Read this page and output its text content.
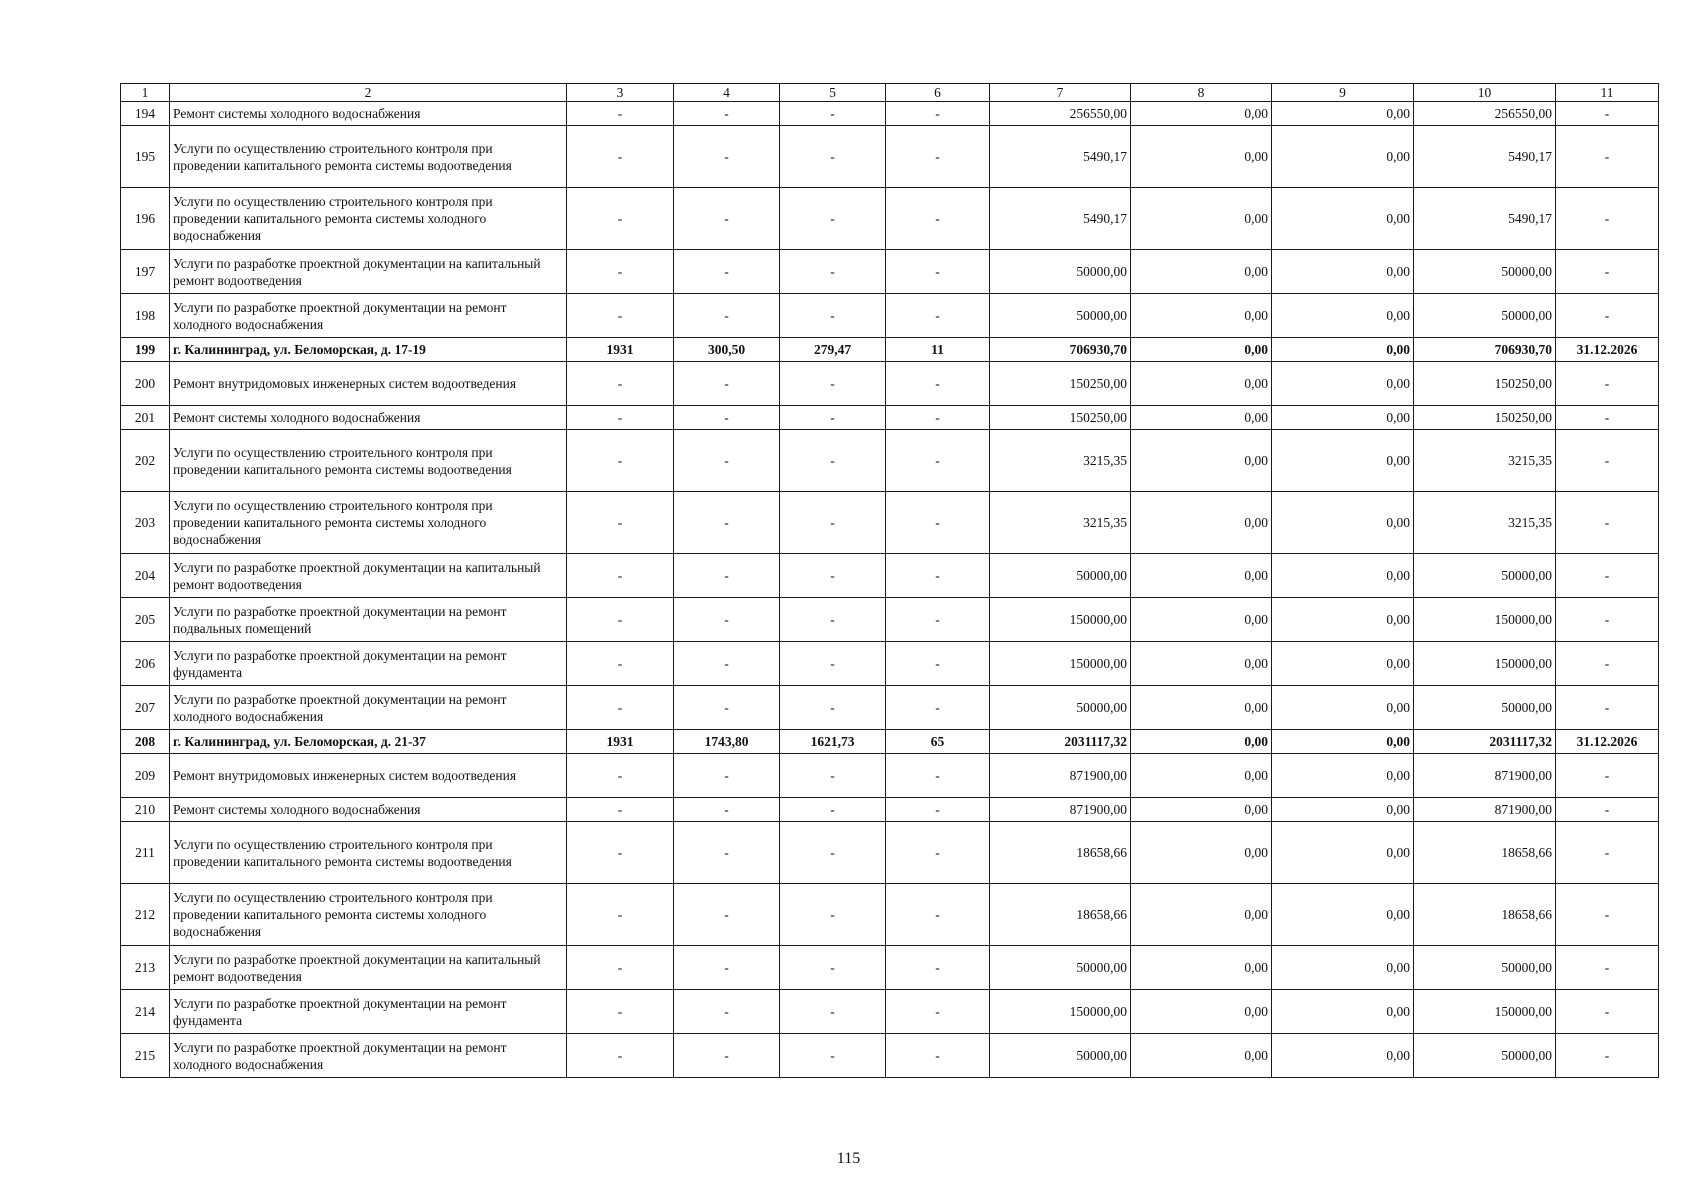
1	2	3	4	5	6	7	8	9	10	11
194	Ремонт системы холодного водоснабжения	-	-	-	-	256550,00	0,00	0,00	256550,00	-
195	Услуги по осуществлению строительного контроля при проведении капитального ремонта системы водоотведения	-	-	-	-	5490,17	0,00	0,00	5490,17	-
196	Услуги по осуществлению строительного контроля при проведении капитального ремонта системы холодного водоснабжения	-	-	-	-	5490,17	0,00	0,00	5490,17	-
197	Услуги по разработке проектной документации на капитальный ремонт водоотведения	-	-	-	-	50000,00	0,00	0,00	50000,00	-
198	Услуги по разработке проектной документации на ремонт холодного водоснабжения	-	-	-	-	50000,00	0,00	0,00	50000,00	-
199	г. Калининград, ул. Беломорская, д. 17-19	1931	300,50	279,47	11	706930,70	0,00	0,00	706930,70	31.12.2026
200	Ремонт внутридомовых инженерных систем водоотведения	-	-	-	-	150250,00	0,00	0,00	150250,00	-
201	Ремонт системы холодного водоснабжения	-	-	-	-	150250,00	0,00	0,00	150250,00	-
202	Услуги по осуществлению строительного контроля при проведении капитального ремонта системы водоотведения	-	-	-	-	3215,35	0,00	0,00	3215,35	-
203	Услуги по осуществлению строительного контроля при проведении капитального ремонта системы холодного водоснабжения	-	-	-	-	3215,35	0,00	0,00	3215,35	-
204	Услуги по разработке проектной документации на капитальный ремонт водоотведения	-	-	-	-	50000,00	0,00	0,00	50000,00	-
205	Услуги по разработке проектной документации на ремонт подвальных помещений	-	-	-	-	150000,00	0,00	0,00	150000,00	-
206	Услуги по разработке проектной документации на ремонт фундамента	-	-	-	-	150000,00	0,00	0,00	150000,00	-
207	Услуги по разработке проектной документации на ремонт холодного водоснабжения	-	-	-	-	50000,00	0,00	0,00	50000,00	-
208	г. Калининград, ул. Беломорская, д. 21-37	1931	1743,80	1621,73	65	2031117,32	0,00	0,00	2031117,32	31.12.2026
209	Ремонт внутридомовых инженерных систем водоотведения	-	-	-	-	871900,00	0,00	0,00	871900,00	-
210	Ремонт системы холодного водоснабжения	-	-	-	-	871900,00	0,00	0,00	871900,00	-
211	Услуги по осуществлению строительного контроля при проведении капитального ремонта системы водоотведения	-	-	-	-	18658,66	0,00	0,00	18658,66	-
212	Услуги по осуществлению строительного контроля при проведении капитального ремонта системы холодного водоснабжения	-	-	-	-	18658,66	0,00	0,00	18658,66	-
213	Услуги по разработке проектной документации на капитальный ремонт водоотведения	-	-	-	-	50000,00	0,00	0,00	50000,00	-
214	Услуги по разработке проектной документации на ремонт фундамента	-	-	-	-	150000,00	0,00	0,00	150000,00	-
215	Услуги по разработке проектной документации на ремонт холодного водоснабжения	-	-	-	-	50000,00	0,00	0,00	50000,00	-
115
